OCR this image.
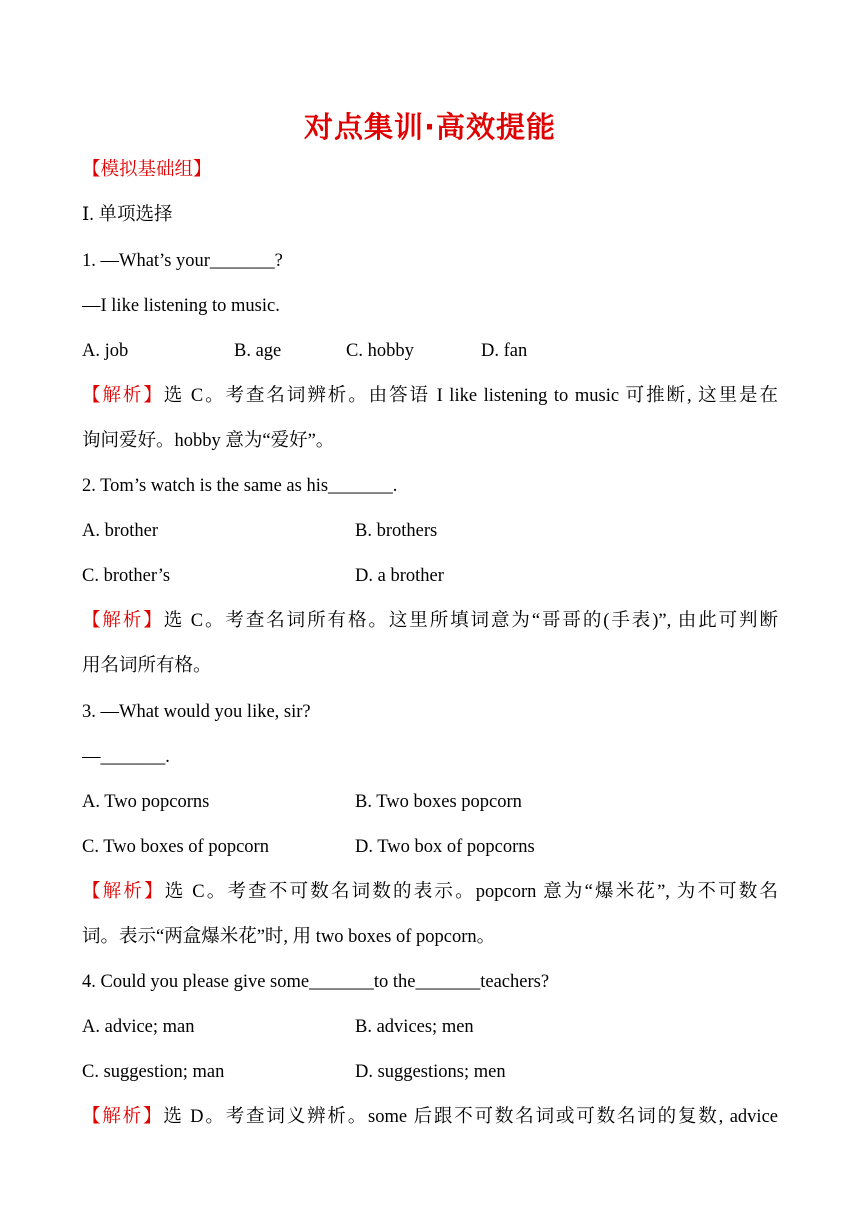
对点集训·高效提能
【模拟基础组】
Ⅰ. 单项选择
1. —What’s your_______?
—I like listening to music.
A. job	B. age	C. hobby	D. fan
【解析】选 C。考查名词辨析。由答语 I like listening to music 可推断, 这里是在
询问爱好。hobby 意为“爱好”。
2. Tom’s watch is the same as his_______.
A. brother	B. brothers
C. brother’s	D. a brother
【解析】选 C。考查名词所有格。这里所填词意为“哥哥的(手表)”, 由此可判断
用名词所有格。
3. —What would you like, sir?
—_______.
A. Two popcorns	B. Two boxes popcorn
C. Two boxes of popcorn	D. Two box of popcorns
【解析】选 C。考查不可数名词数的表示。popcorn 意为“爆米花”, 为不可数名
词。表示“两盒爆米花”时, 用 two boxes of popcorn。
4. Could you please give some_______to the_______teachers?
A. advice; man	B. advices; men
C. suggestion; man	D. suggestions; men
【解析】选 D。考查词义辨析。some 后跟不可数名词或可数名词的复数, advice
